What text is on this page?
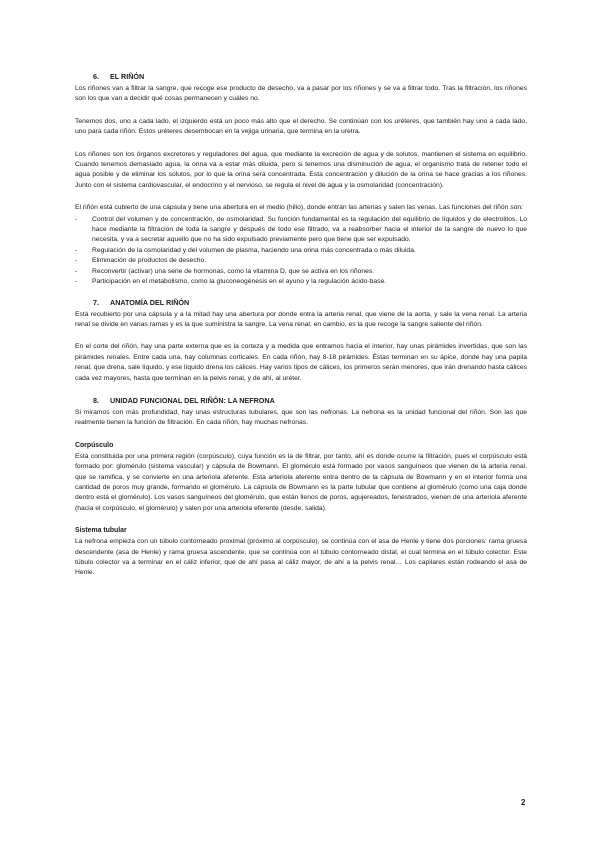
6. EL RIÑÓN

Los riñones van a filtrar la sangre, que recoge ese producto de desecho, va a pasar por los riñones y se va a filtrar todo. Tras la filtración, los riñones son los que van a decidir qué cosas permanecen y cuáles no.

Tenemos dos, uno a cada lado, el izquierdo está un poco más alto que el derecho. Se continúan con los uréteres, que también hay uno a cada lado, uno para cada riñón. Estos uréteres desembocan en la vejiga urinaria, que termina en la uretra.

Los riñones son los órganos excretores y reguladores del agua, que mediante la excreción de agua y de solutos, mantienen el sistema en equilibrio. Cuando tenemos demasiado agua, la orina va a estar más diluida, pero si tenemos una disminución de agua, el organismo trata de retener todo el agua posible y de eliminar los solutos, por lo que la orina será concentrada. Esta concentración y dilución de la orina se hace gracias a los riñones. Junto con el sistema cardiovascular, el endocrino y el nervioso, se regula el nivel de agua y la osmolaridad (concentración).

El riñón está cubierto de una cápsula y tiene una abertura en el medio (hilio), donde entran las arterias y salen las venas. Las funciones del riñón son:

- Control del volumen y de concentración, de osmolaridad. Su función fundamental es la regulación del equilibrio de líquidos y de electrolitos. Lo hace mediante la filtración de toda la sangre y después de todo ese filtrado, va a reabsorber hacia el interior de la sangre de nuevo lo que necesita, y va a secretar aquello que no ha sido expulsado previamente pero que tiene que ser expulsado.
- Regulación de la osmolaridad y del volumen de plasma, haciendo una orina más concentrada o más diluida.
- Eliminación de productos de desecho.
- Reconvertir (activar) una serie de hormonas, como la vitamina D, que se activa en los riñones.
- Participación en el metabolismo, como la gluconeogénesis en el ayuno y la regulación ácido-base.
7. ANATOMÍA DEL RIÑÓN

Está recubierto por una cápsula y a la mitad hay una abertura por donde entra la arteria renal, que viene de la aorta, y sale la vena renal. La arteria renal se divide en varias ramas y es la que suministra la sangre. La vena renal, en cambio, es la que recoge la sangre saliente del riñón.

En el corte del riñón, hay una parte externa que es la corteza y a medida que entramos hacia el interior, hay unas pirámides invertidas, que son las pirámides renales. Entre cada una, hay columnas corticales. En cada riñón, hay 8-18 pirámides. Éstas terminan en su ápice, donde hay una papila renal, que drena, sale líquido, y ese líquido drena los cálices. Hay varios tipos de cálices, los primeros serán menores, que irán drenando hasta cálices cada vez mayores, hasta que terminan en la pelvis renal, y de ahí, al uréter.

8. UNIDAD FUNCIONAL DEL RIÑÓN: LA NEFRONA

Si miramos con más profundidad, hay unas estructuras tubulares, que son las nefronas. La nefrona es la unidad funcional del riñón. Son las que realmente tienen la función de filtración. En cada riñón, hay muchas nefronas.

Corpúsculo

Está constituida por una primera región (corpúsculo), cuya función es la de filtrar, por tanto, ahí es donde ocurre la filtración, pues el corpúsculo está formado por: glomérulo (sistema vascular) y cápsula de Bowmann. El glomérulo está formado por vasos sanguíneos que vienen de la arteria renal, que se ramifica, y se convierte en una arteriola aferente. Esta arteriola aferente entra dentro de la cápsula de Bowmann y en el interior forma una cantidad de poros muy grande, formando el glomérulo. La cápsula de Bowmann es la parte tubular que contiene al glomérulo (como una caja donde dentro está el glomérulo). Los vasos sanguíneos del glomérulo, que están llenos de poros, agujereados, fenestrados, vienen de una arteriola aferente (hacia el corpúsculo, el glomérulo) y salen por una arteriola eferente (desde, salida).

Sistema tubular

La nefrona empieza con un túbulo contorneado proximal (próximo al corpúsculo), se continúa con el asa de Henle y tiene dos porciones: rama gruesa descendente (asa de Henle) y rama gruesa ascendente, que se continúa con el túbulo contorneado distal, el cual termina en el túbulo colector. Este túbulo colector va a terminar en el cáliz inferior, que de ahí pasa al cáliz mayor, de ahí a la pelvis renal… Los capilares están rodeando el asa de Henle.

2
